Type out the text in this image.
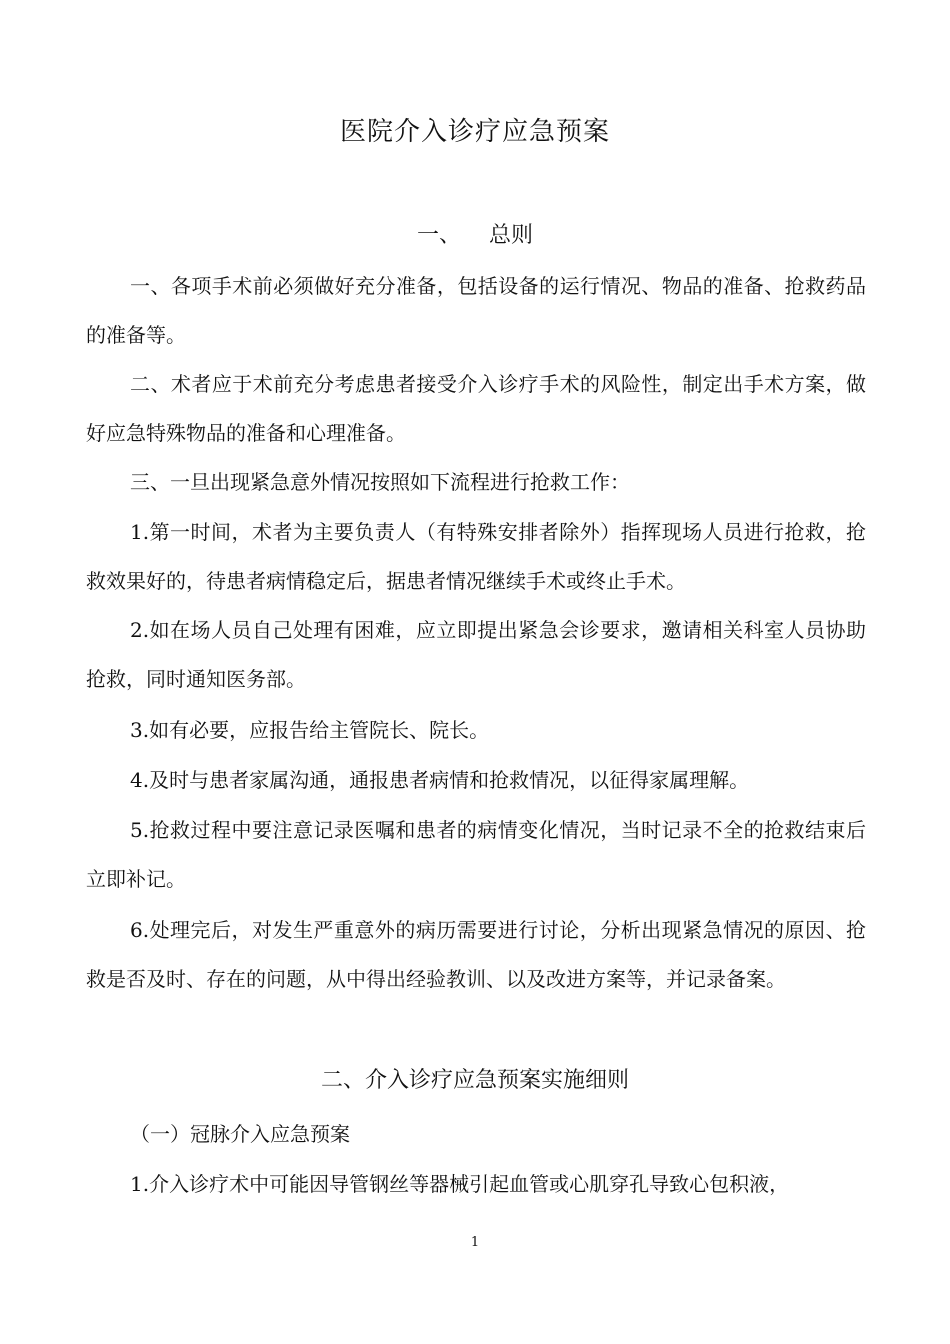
医院介入诊疗应急预案
一、 总则

一、各项手术前必须做好充分准备，包括设备的运行情况、物品的准备、抢救药品的准备等。

二、术者应于术前充分考虑患者接受介入诊疗手术的风险性，制定出手术方案，做好应急特殊物品的准备和心理准备。

三、一旦出现紧急意外情况按照如下流程进行抢救工作：

1.第一时间，术者为主要负责人（有特殊安排者除外）指挥现场人员进行抢救，抢救效果好的，待患者病情稳定后，据患者情况继续手术或终止手术。

2.如在场人员自己处理有困难，应立即提出紧急会诊要求，邀请相关科室人员协助抢救，同时通知医务部。

3.如有必要，应报告给主管院长、院长。

4.及时与患者家属沟通，通报患者病情和抢救情况，以征得家属理解。

5.抢救过程中要注意记录医嘱和患者的病情变化情况，当时记录不全的抢救结束后立即补记。

6.处理完后，对发生严重意外的病历需要进行讨论，分析出现紧急情况的原因、抢救是否及时、存在的问题，从中得出经验教训、以及改进方案等，并记录备案。

二、介入诊疗应急预案实施细则
（一）冠脉介入应急预案

1.介入诊疗术中可能因导管钢丝等器械引起血管或心肌穿孔导致心包积液，

1
